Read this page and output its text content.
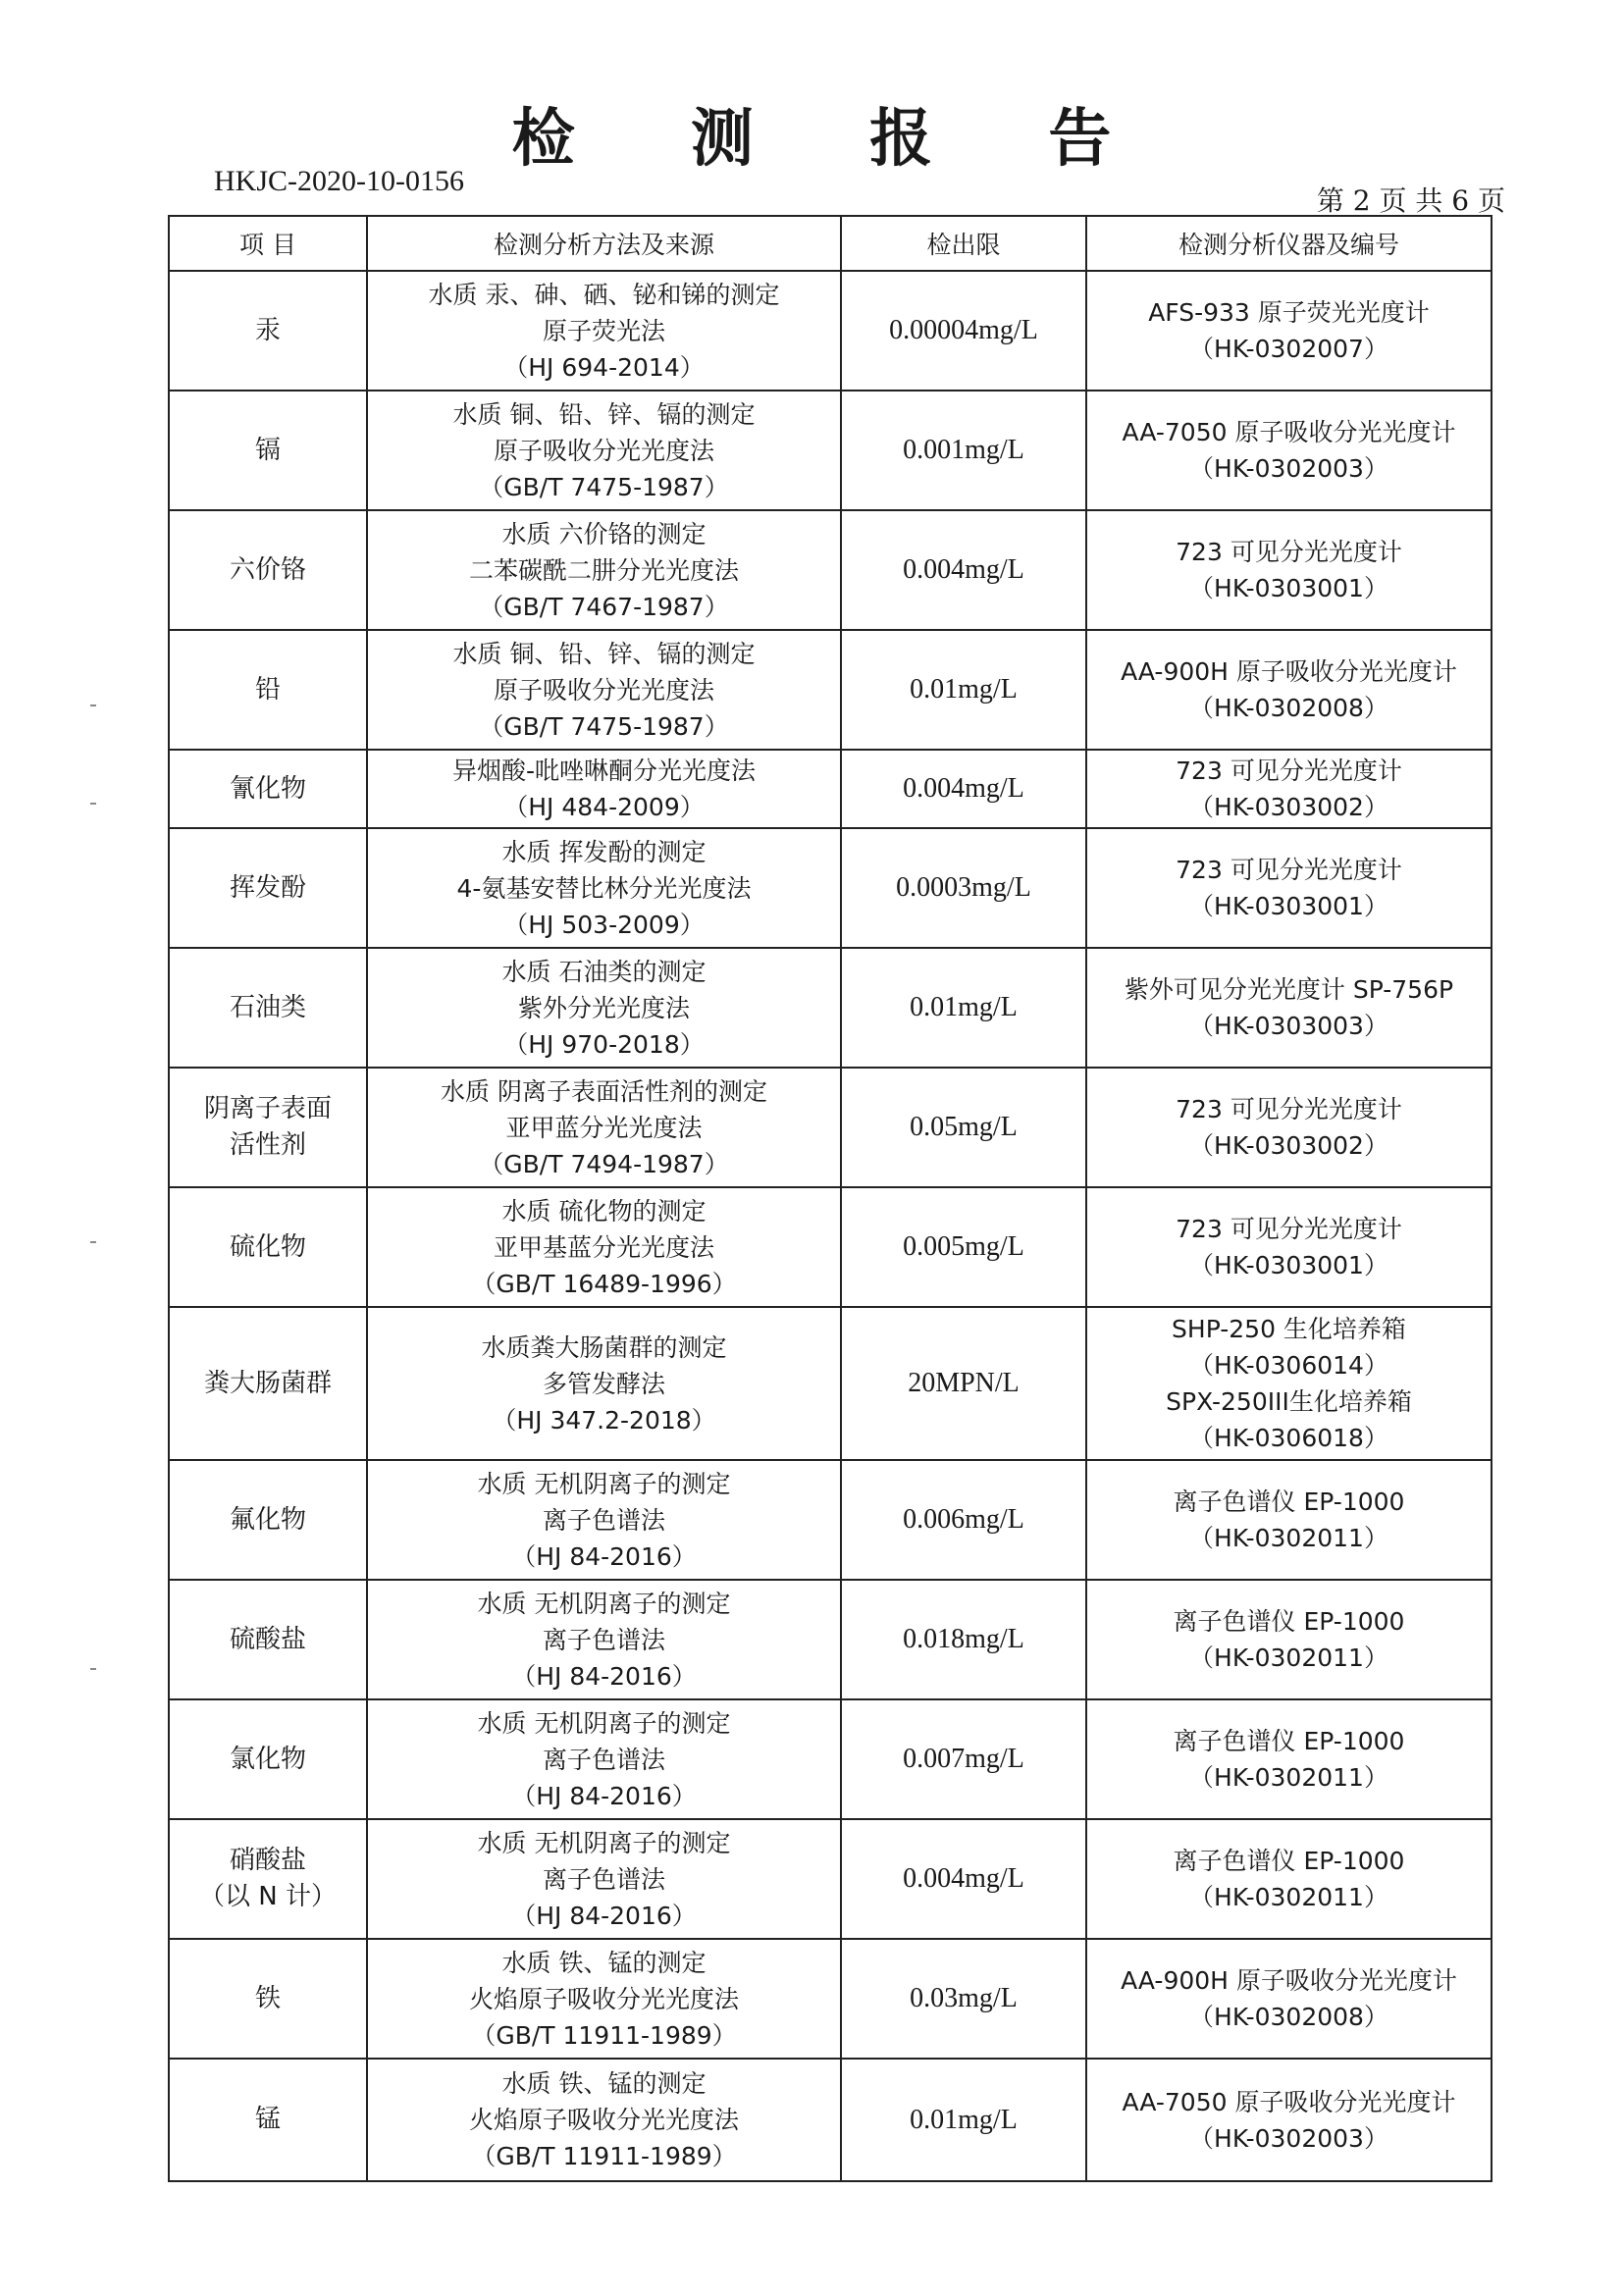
检 测 报 告
HKJC-2020-10-0156
第 2 页 共 6 页
项 目	检测分析方法及来源	检出限	检测分析仪器及编号

汞	水质 汞、砷、硒、铋和锑的测定
原子荧光法
（HJ 694-2014）	0.00004mg/L	AFS-933 原子荧光光度计
（HK-0302007）

镉	水质 铜、铅、锌、镉的测定
原子吸收分光光度法
（GB/T 7475-1987）	0.001mg/L	AA-7050 原子吸收分光光度计
（HK-0302003）

六价铬	水质 六价铬的测定
二苯碳酰二肼分光光度法
（GB/T 7467-1987）	0.004mg/L	723 可见分光光度计
（HK-0303001）

铅	水质 铜、铅、锌、镉的测定
原子吸收分光光度法
（GB/T 7475-1987）	0.01mg/L	AA-900H 原子吸收分光光度计
（HK-0302008）

氰化物	异烟酸-吡唑啉酮分光光度法
（HJ 484-2009）	0.004mg/L	723 可见分光光度计
（HK-0303002）

挥发酚	水质 挥发酚的测定
4-氨基安替比林分光光度法
（HJ 503-2009）	0.0003mg/L	723 可见分光光度计
（HK-0303001）

石油类	水质 石油类的测定
紫外分光光度法
（HJ 970-2018）	0.01mg/L	紫外可见分光光度计 SP-756P
（HK-0303003）

阴离子表面
活性剂	水质 阴离子表面活性剂的测定
亚甲蓝分光光度法
（GB/T 7494-1987）	0.05mg/L	723 可见分光光度计
（HK-0303002）

硫化物	水质 硫化物的测定
亚甲基蓝分光光度法
（GB/T 16489-1996）	0.005mg/L	723 可见分光光度计
（HK-0303001）

粪大肠菌群	水质粪大肠菌群的测定
多管发酵法
（HJ 347.2-2018）	20MPN/L	SHP-250 生化培养箱
（HK-0306014）
SPX-250III生化培养箱
（HK-0306018）

氟化物	水质 无机阴离子的测定
离子色谱法
（HJ 84-2016）	0.006mg/L	离子色谱仪 EP-1000
（HK-0302011）

硫酸盐	水质 无机阴离子的测定
离子色谱法
（HJ 84-2016）	0.018mg/L	离子色谱仪 EP-1000
（HK-0302011）

氯化物	水质 无机阴离子的测定
离子色谱法
（HJ 84-2016）	0.007mg/L	离子色谱仪 EP-1000
（HK-0302011）

硝酸盐
（以 N 计）	水质 无机阴离子的测定
离子色谱法
（HJ 84-2016）	0.004mg/L	离子色谱仪 EP-1000
（HK-0302011）

铁	水质 铁、锰的测定
火焰原子吸收分光光度法
（GB/T 11911-1989）	0.03mg/L	AA-900H 原子吸收分光光度计
（HK-0302008）

锰	水质 铁、锰的测定
火焰原子吸收分光光度法
（GB/T 11911-1989）	0.01mg/L	AA-7050 原子吸收分光光度计
（HK-0302003）
